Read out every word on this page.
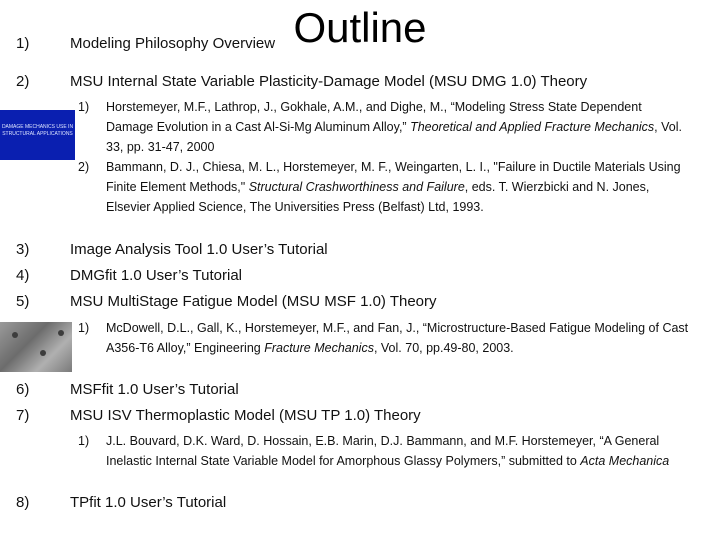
Outline
1)	Modeling Philosophy Overview
2)	MSU Internal State Variable Plasticity-Damage Model (MSU DMG 1.0) Theory
DAMAGE MECHANICS USE IN STRUCTURAL APPLICATIONS
1)	Horstemeyer, M.F., Lathrop, J., Gokhale, A.M., and Dighe, M., “Modeling Stress State Dependent Damage Evolution in a Cast Al-Si-Mg Aluminum Alloy,” Theoretical and Applied Fracture Mechanics, Vol. 33, pp. 31-47, 2000
2)	Bammann, D. J., Chiesa, M. L., Horstemeyer, M. F., Weingarten, L. I., "Failure in Ductile Materials Using Finite Element Methods," Structural Crashworthiness and Failure, eds. T. Wierzbicki and N. Jones, Elsevier Applied Science, The Universities Press (Belfast) Ltd, 1993.
3)	Image Analysis Tool 1.0 User’s Tutorial
4)	DMGfit 1.0 User’s Tutorial
5)	MSU MultiStage Fatigue Model (MSU MSF 1.0) Theory
1)	McDowell, D.L., Gall, K., Horstemeyer, M.F., and Fan, J., “Microstructure-Based Fatigue Modeling of Cast A356-T6 Alloy,” Engineering Fracture Mechanics, Vol. 70, pp.49-80, 2003.
6)	MSFfit 1.0 User’s Tutorial
7)	MSU ISV Thermoplastic Model (MSU TP 1.0) Theory
1)	J.L. Bouvard, D.K. Ward, D. Hossain, E.B. Marin, D.J. Bammann, and M.F. Horstemeyer, “A General Inelastic Internal State Variable Model for Amorphous Glassy Polymers,” submitted to Acta Mechanica
8)	TPfit 1.0 User’s Tutorial
